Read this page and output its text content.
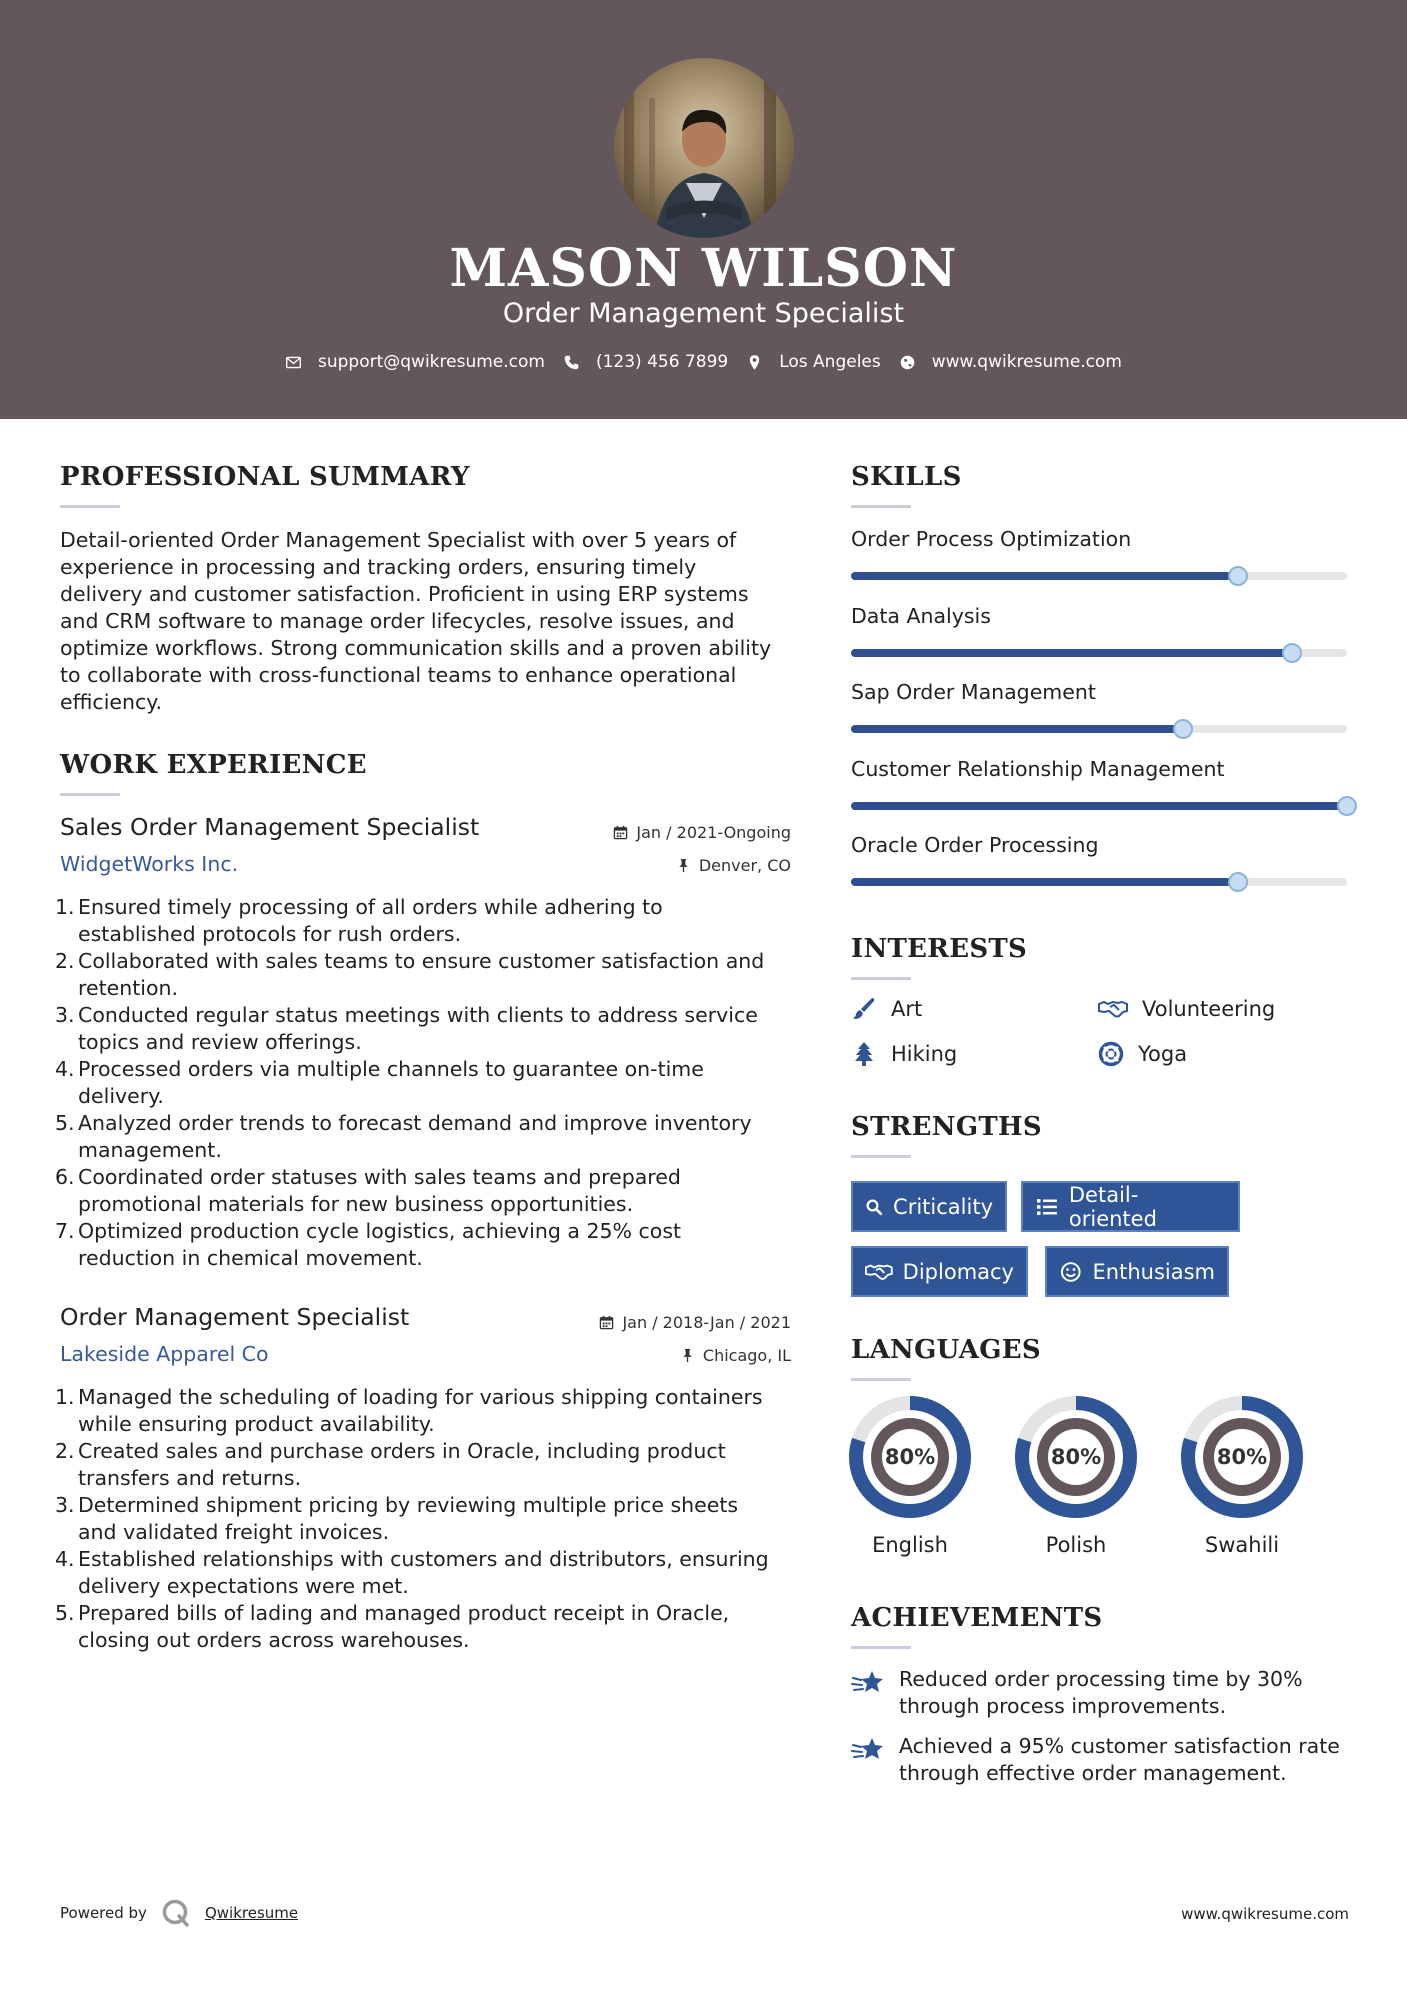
MASON WILSON
Order Management Specialist
support@qwikresume.com	(123) 456 7899	Los Angeles	www.qwikresume.com
PROFESSIONAL SUMMARY
Detail-oriented Order Management Specialist with over 5 years of
experience in processing and tracking orders, ensuring timely
delivery and customer satisfaction. Proficient in using ERP systems
and CRM software to manage order lifecycles, resolve issues, and
optimize workflows. Strong communication skills and a proven ability
to collaborate with cross-functional teams to enhance operational
efficiency.
WORK EXPERIENCE
Sales Order Management Specialist	Jan / 2021-Ongoing
WidgetWorks Inc.	Denver, CO
1. Ensured timely processing of all orders while adhering to
established protocols for rush orders.
2. Collaborated with sales teams to ensure customer satisfaction and
retention.
3. Conducted regular status meetings with clients to address service
topics and review offerings.
4. Processed orders via multiple channels to guarantee on-time
delivery.
5. Analyzed order trends to forecast demand and improve inventory
management.
6. Coordinated order statuses with sales teams and prepared
promotional materials for new business opportunities.
7. Optimized production cycle logistics, achieving a 25% cost
reduction in chemical movement.
Order Management Specialist	Jan / 2018-Jan / 2021
Lakeside Apparel Co	Chicago, IL
1. Managed the scheduling of loading for various shipping containers
while ensuring product availability.
2. Created sales and purchase orders in Oracle, including product
transfers and returns.
3. Determined shipment pricing by reviewing multiple price sheets
and validated freight invoices.
4. Established relationships with customers and distributors, ensuring
delivery expectations were met.
5. Prepared bills of lading and managed product receipt in Oracle,
closing out orders across warehouses.
SKILLS
Order Process Optimization
Data Analysis
Sap Order Management
Customer Relationship Management
Oracle Order Processing
INTERESTS
Art	Volunteering
Hiking	Yoga
STRENGTHS
Criticality	Detail-oriented
Diplomacy	Enthusiasm
LANGUAGES
80%
English
80%
Polish
80%
Swahili
ACHIEVEMENTS
Reduced order processing time by 30%
through process improvements.
Achieved a 95% customer satisfaction rate
through effective order management.
Powered by	Qwikresume	www.qwikresume.com
